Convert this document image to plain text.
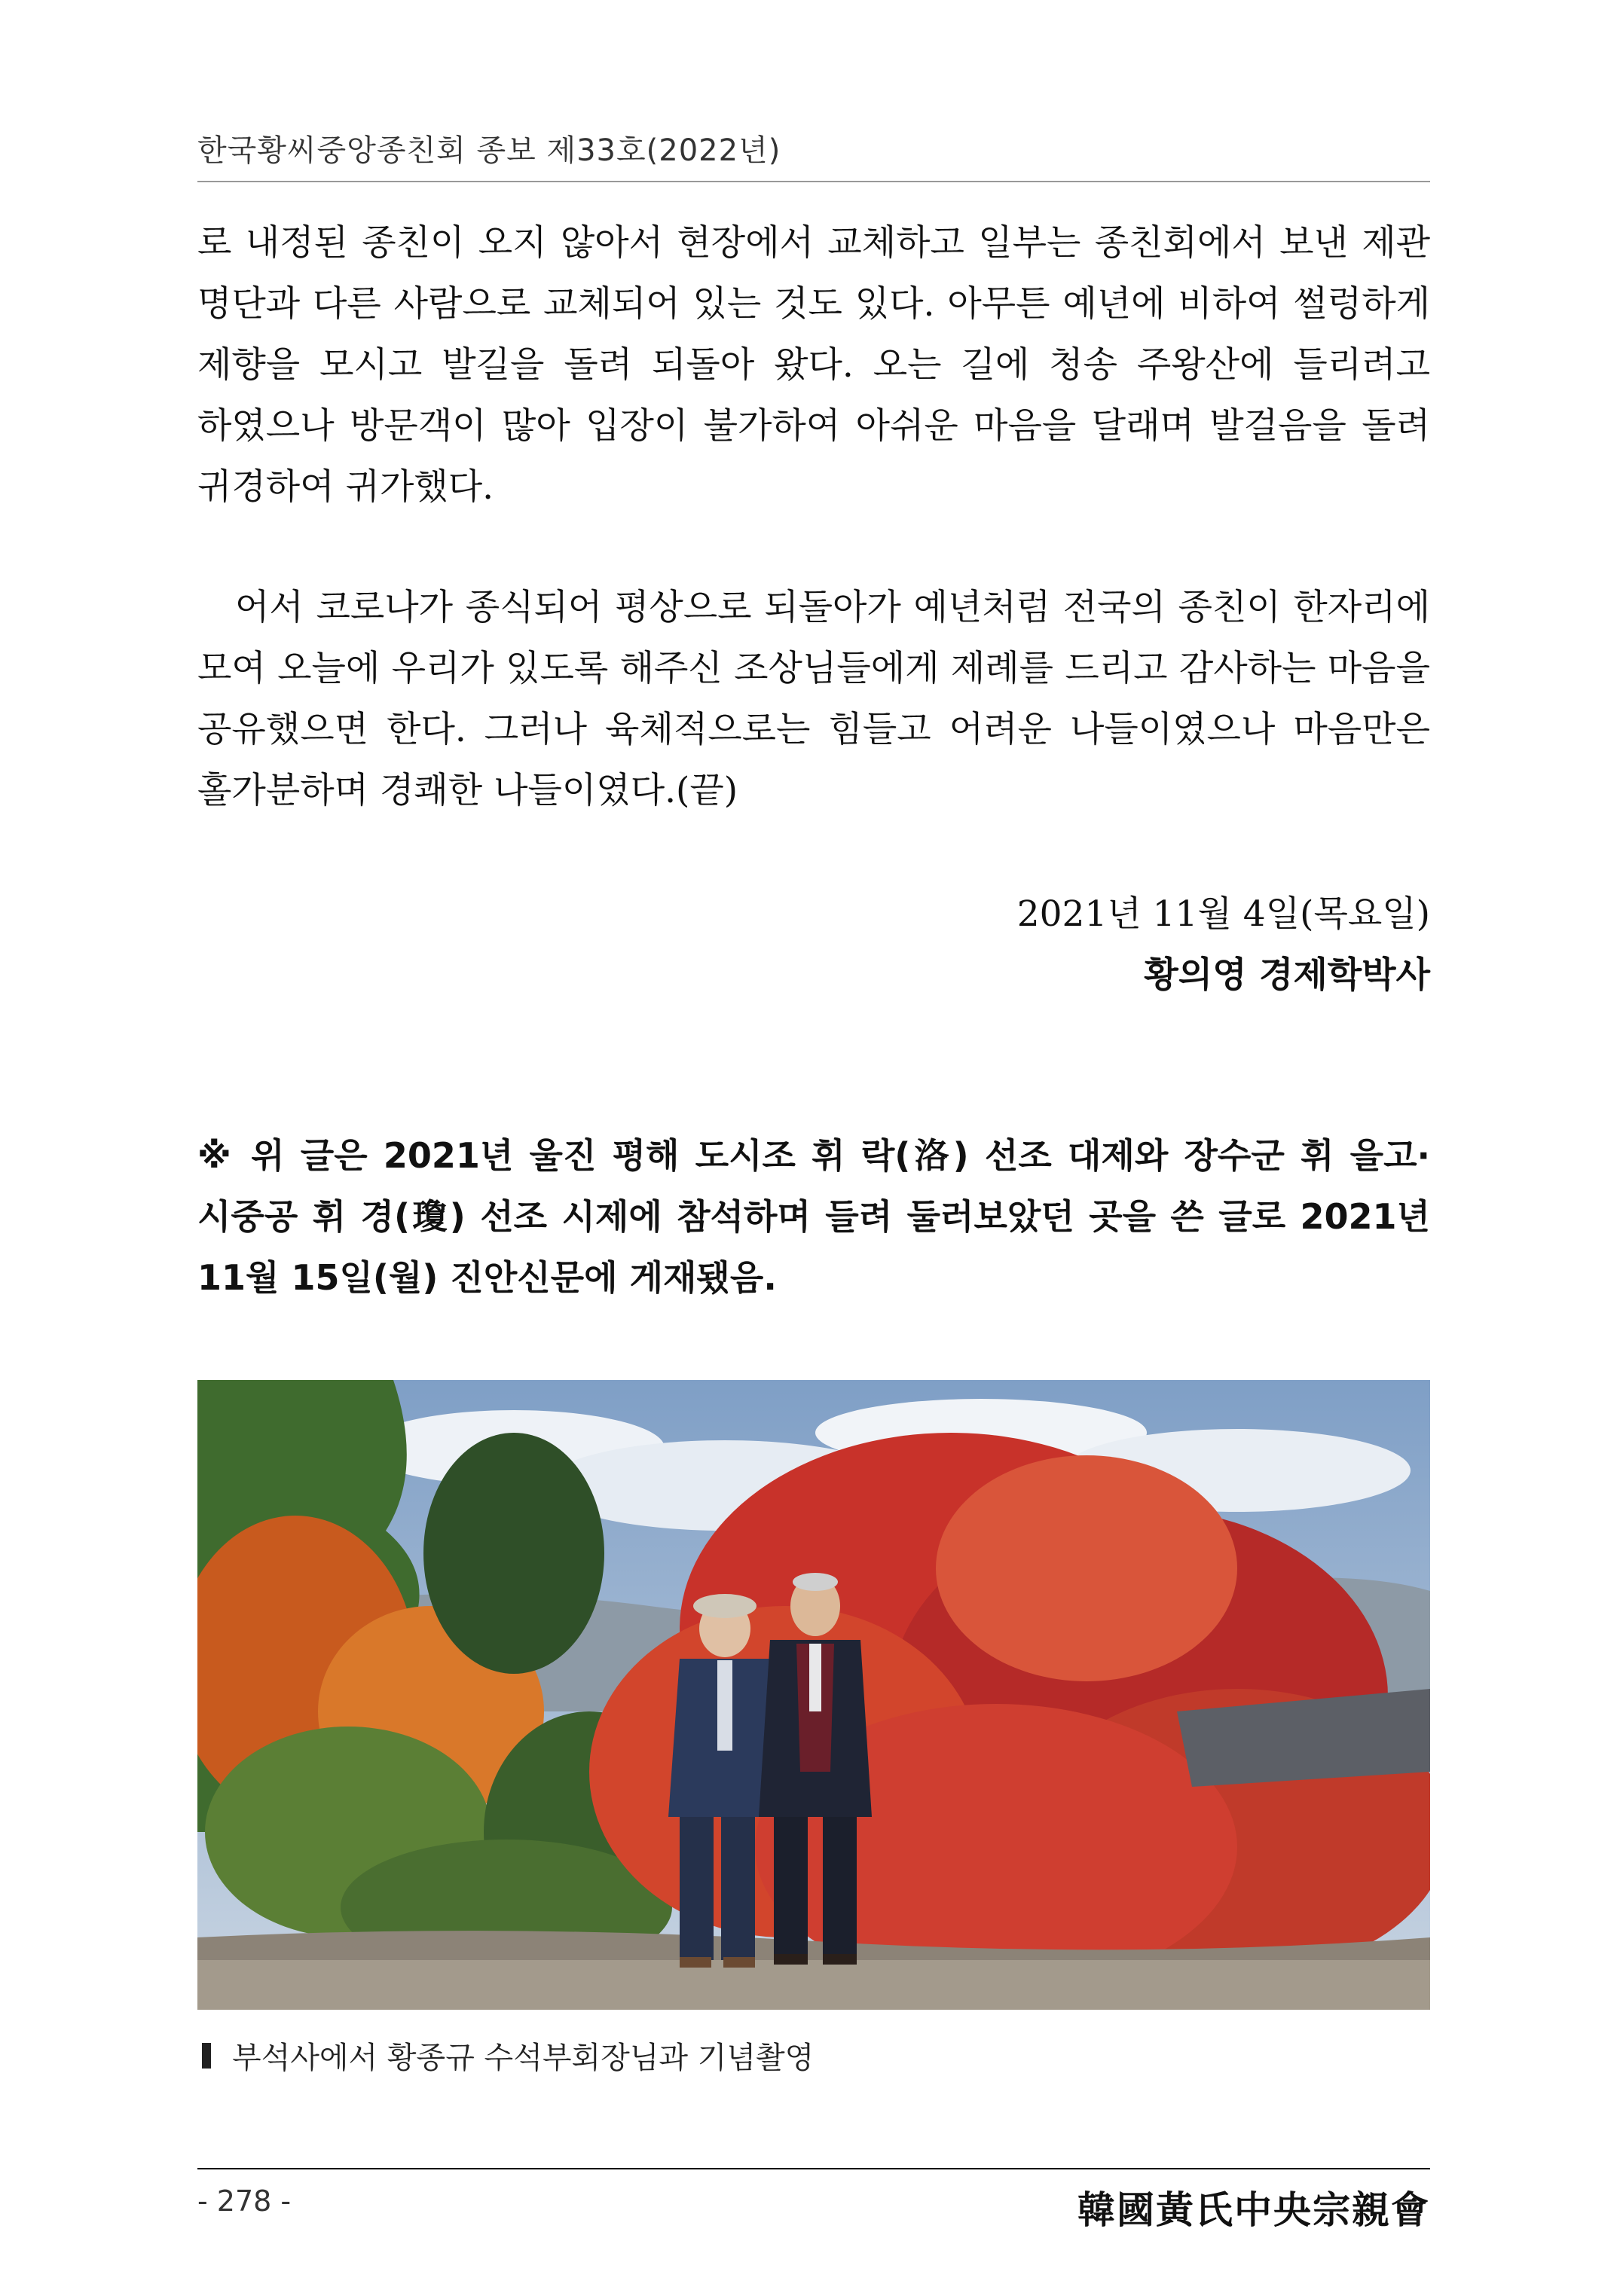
한국황씨중앙종친회 종보 제33호(2022년)

로 내정된 종친이 오지 않아서 현장에서 교체하고 일부는 종친회에서 보낸 제관 명단과 다른 사람으로 교체되어 있는 것도 있다. 아무튼 예년에 비하여 썰렁하게 제향을 모시고 발길을 돌려 되돌아 왔다. 오는 길에 청송 주왕산에 들리려고 하였으나 방문객이 많아 입장이 불가하여 아쉬운 마음을 달래며 발걸음을 돌려 귀경하여 귀가했다.

어서 코로나가 종식되어 평상으로 되돌아가 예년처럼 전국의 종친이 한자리에 모여 오늘에 우리가 있도록 해주신 조상님들에게 제례를 드리고 감사하는 마음을 공유했으면 한다. 그러나 육체적으로는 힘들고 어려운 나들이였으나 마음만은 홀가분하며 경쾌한 나들이였다.(끝)

2021년 11월 4일(목요일)
황의영 경제학박사

※ 위 글은 2021년 울진 평해 도시조 휘 락(洛) 선조 대제와 장수군 휘 을고·시중공 휘 경(瓊) 선조 시제에 참석하며 들려 둘러보았던 곳을 쓴 글로 2021년 11월 15일(월) 진안신문에 게재됐음.

부석사에서 황종규 수석부회장님과 기념촬영
- 278 -	韓國黃氏中央宗親會
